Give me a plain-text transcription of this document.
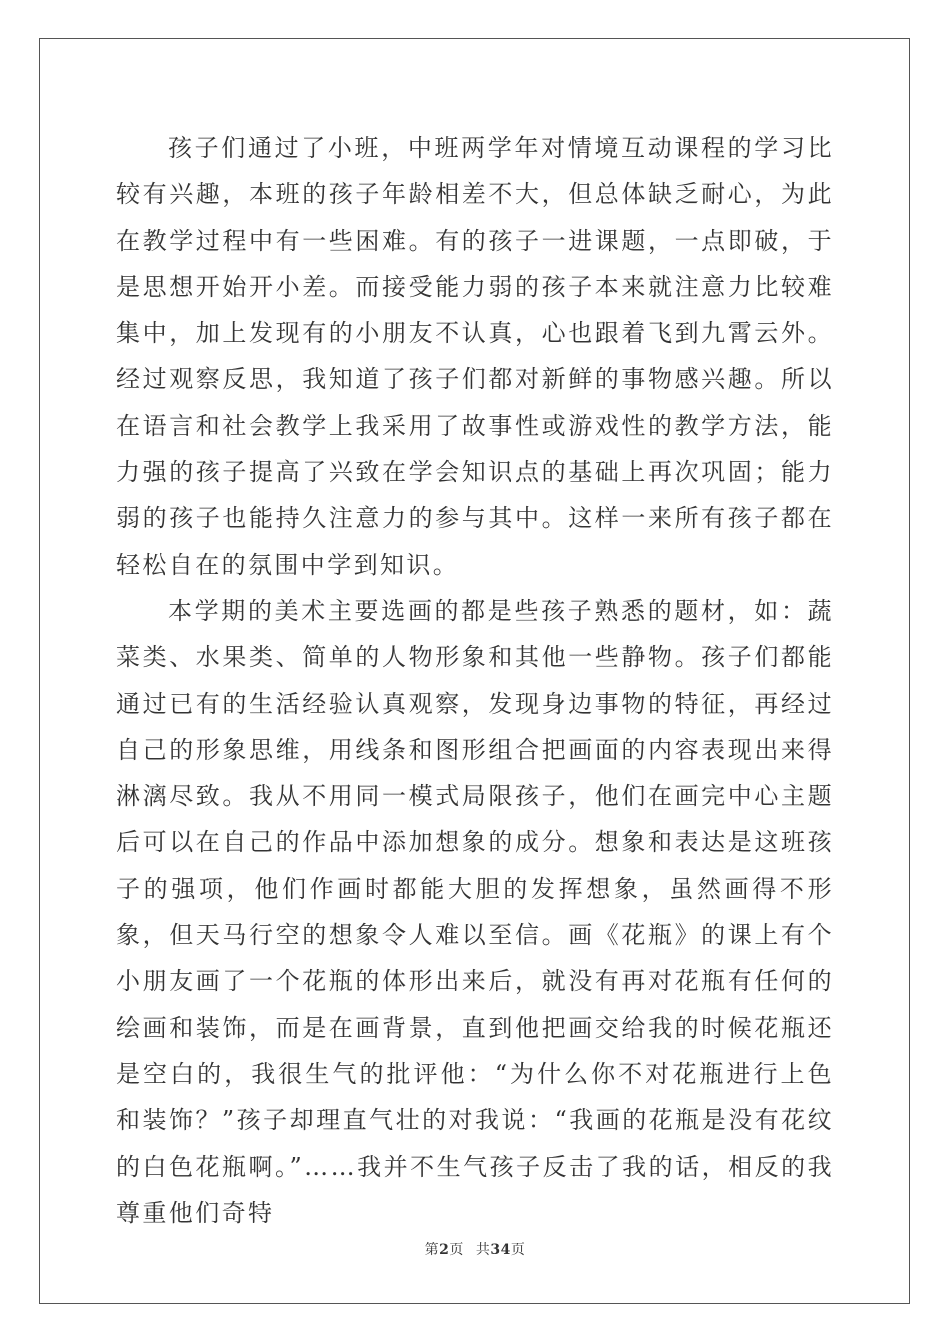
孩子们通过了小班，中班两学年对情境互动课程的学习比较有兴趣，本班的孩子年龄相差不大，但总体缺乏耐心，为此在教学过程中有一些困难。有的孩子一进课题，一点即破，于是思想开始开小差。而接受能力弱的孩子本来就注意力比较难集中，加上发现有的小朋友不认真，心也跟着飞到九霄云外。经过观察反思，我知道了孩子们都对新鲜的事物感兴趣。所以在语言和社会教学上我采用了故事性或游戏性的教学方法，能力强的孩子提高了兴致在学会知识点的基础上再次巩固；能力弱的孩子也能持久注意力的参与其中。这样一来所有孩子都在轻松自在的氛围中学到知识。

本学期的美术主要选画的都是些孩子熟悉的题材，如：蔬菜类、水果类、简单的人物形象和其他一些静物。孩子们都能通过已有的生活经验认真观察，发现身边事物的特征，再经过自己的形象思维，用线条和图形组合把画面的内容表现出来得淋漓尽致。我从不用同一模式局限孩子，他们在画完中心主题后可以在自己的作品中添加想象的成分。想象和表达是这班孩子的强项，他们作画时都能大胆的发挥想象，虽然画得不形象，但天马行空的想象令人难以至信。画《花瓶》的课上有个小朋友画了一个花瓶的体形出来后，就没有再对花瓶有任何的绘画和装饰，而是在画背景，直到他把画交给我的时候花瓶还是空白的，我很生气的批评他：“为什么你不对花瓶进行上色和装饰？”孩子却理直气壮的对我说：“我画的花瓶是没有花纹的白色花瓶啊。”……我并不生气孩子反击了我的话，相反的我尊重他们奇特

第2页 共34页
